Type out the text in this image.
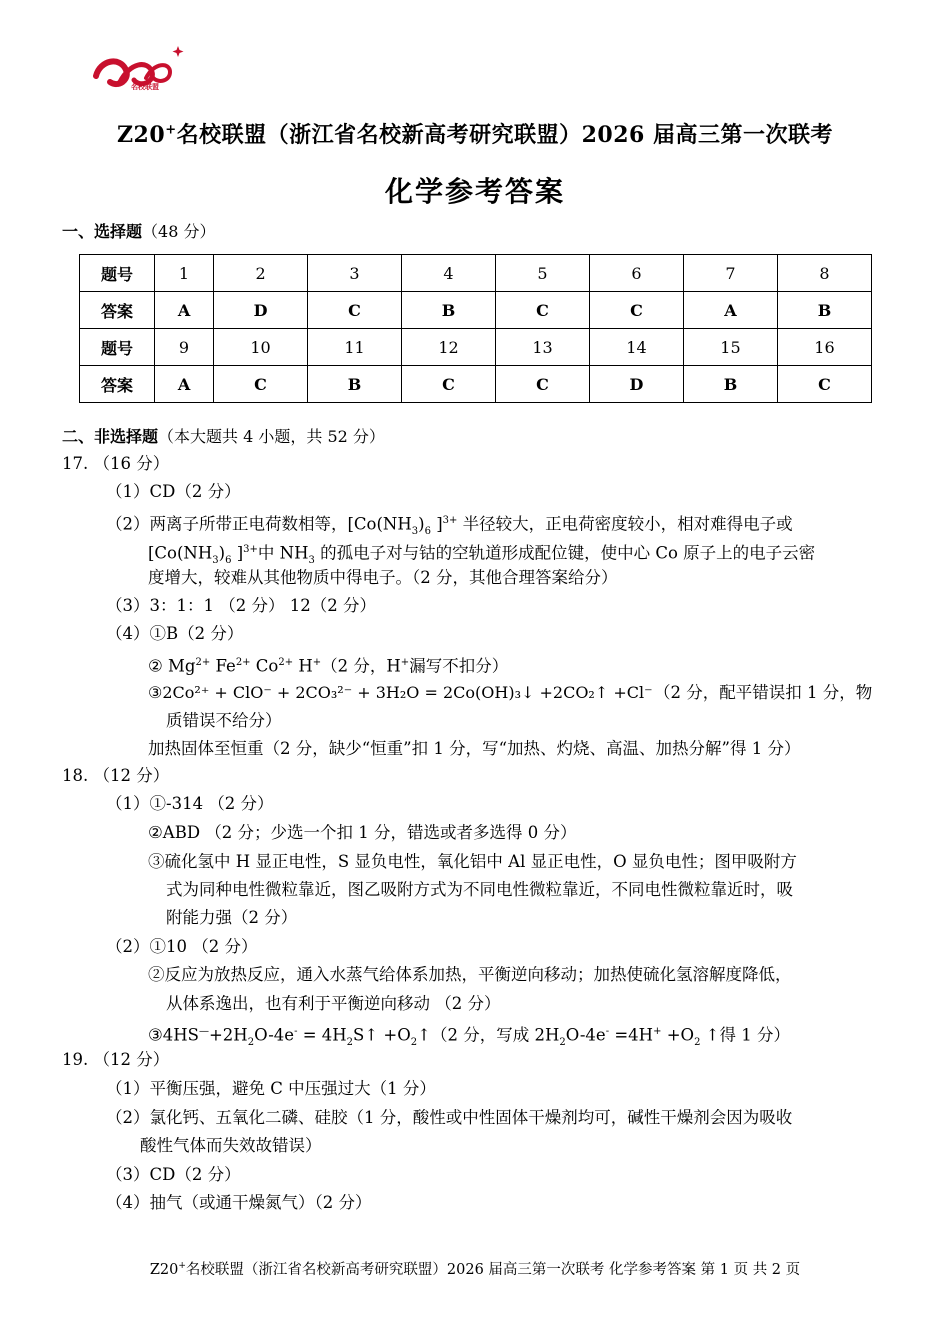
名校联盟
Z20+名校联盟（浙江省名校新高考研究联盟）2026 届高三第一次联考
化学参考答案
一、选择题（48 分）
题号	1	2	3	4	5	6	7	8
答案	A	D	C	B	C	C	A	B
题号	9	10	11	12	13	14	15	16
答案	A	C	B	C	C	D	B	C
二、非选择题（本大题共 4 小题，共 52 分）
17. （16 分）
（1）CD（2 分）
（2）两离子所带正电荷数相等，[$Co(NH_3)_6$ ]$^{3+}$ 半径较大，正电荷密度较小，相对难得电子或
[$Co(NH_3)_6$ ]$^{3+}$中 $NH_3$ 的孤电子对与钴的空轨道形成配位键，使中心 Co 原子上的电子云密
度增大，较难从其他物质中得电子。（2 分，其他合理答案给分）
（3）3：1：1 （2 分） 12（2 分）
（4）①B（2 分）
② $Mg^{2+}$ $Fe^{2+}$ $Co^{2+}$ H+（2 分，H+漏写不扣分）
③2Co²⁺ + ClO⁻ + 2CO₃²⁻ + 3H₂O = 2Co(OH)₃↓ +2CO₂↑ +Cl⁻ （2 分，配平错误扣 1 分，物
质错误不给分）
加热固体至恒重（2 分，缺少“恒重”扣 1 分，写“加热、灼烧、高温、加热分解”得 1 分）
18. （12 分）
（1）①-314 （2 分）
②ABD （2 分；少选一个扣 1 分，错选或者多选得 0 分）
③硫化氢中 H 显正电性，S 显负电性，氧化铝中 Al 显正电性，O 显负电性；图甲吸附方
式为同种电性微粒靠近，图乙吸附方式为不同电性微粒靠近，不同电性微粒靠近时，吸
附能力强（2 分）
（2）①10 （2 分）
②反应为放热反应，通入水蒸气给体系加热，平衡逆向移动；加热使硫化氢溶解度降低，
从体系逸出，也有利于平衡逆向移动 （2 分）
$③4HS^—+2H_2O-4e^-$ = $4H_2S↑$ $+O_2↑(2$ 分，写成 $2H_2O-4e^- =4H^+ +O_2$ ↑得 1 分）
19. （12 分）
（1）平衡压强，避免 C 中压强过大（1 分）
（2）氯化钙、五氧化二磷、硅胶（1 分，酸性或中性固体干燥剂均可，碱性干燥剂会因为吸收
酸性气体而失效故错误）
（3）CD（2 分）
（4）抽气（或通干燥氮气）（2 分）
Z20+名校联盟（浙江省名校新高考研究联盟）2026 届高三第一次联考 化学参考答案 第 1 页 共 2 页
